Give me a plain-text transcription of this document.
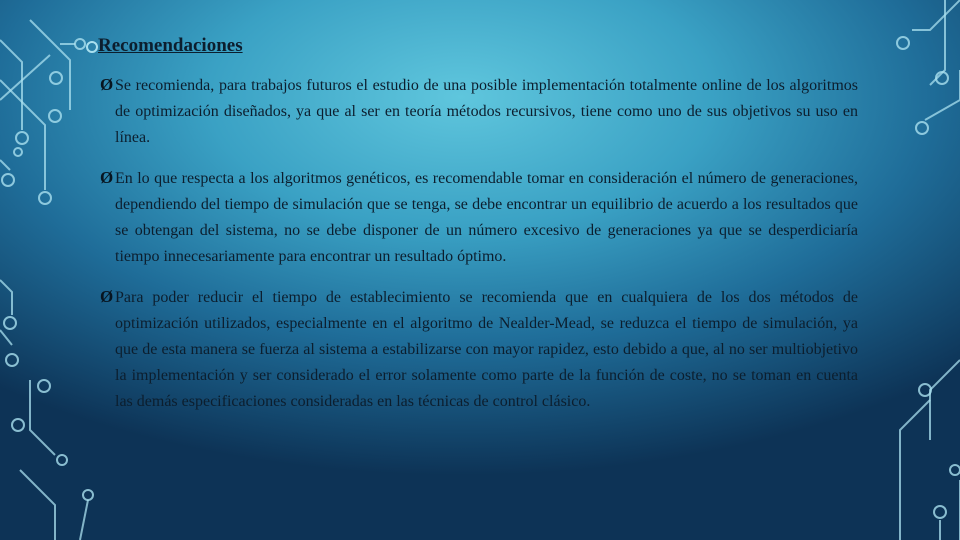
Recomendaciones

Ø Se recomienda, para trabajos futuros el estudio de una posible implementación totalmente online de los algoritmos de optimización diseñados, ya que al ser en teoría métodos recursivos, tiene como uno de sus objetivos su uso en línea.

Ø En lo que respecta a los algoritmos genéticos, es recomendable tomar en consideración el número de generaciones, dependiendo del tiempo de simulación que se tenga, se debe encontrar un equilibrio de acuerdo a los resultados que se obtengan del sistema, no se debe disponer de un número excesivo de generaciones ya que se desperdiciaría tiempo innecesariamente para encontrar un resultado óptimo.

Ø Para poder reducir el tiempo de establecimiento se recomienda que en cualquiera de los dos métodos de optimización utilizados, especialmente en el algoritmo de Nealder-Mead, se reduzca el tiempo de simulación, ya que de esta manera se fuerza al sistema a estabilizarse con mayor rapidez, esto debido a que, al no ser multiobjetivo la implementación y ser considerado el error solamente como parte de la función de coste, no se toman en cuenta las demás especificaciones consideradas en las técnicas de control clásico.
